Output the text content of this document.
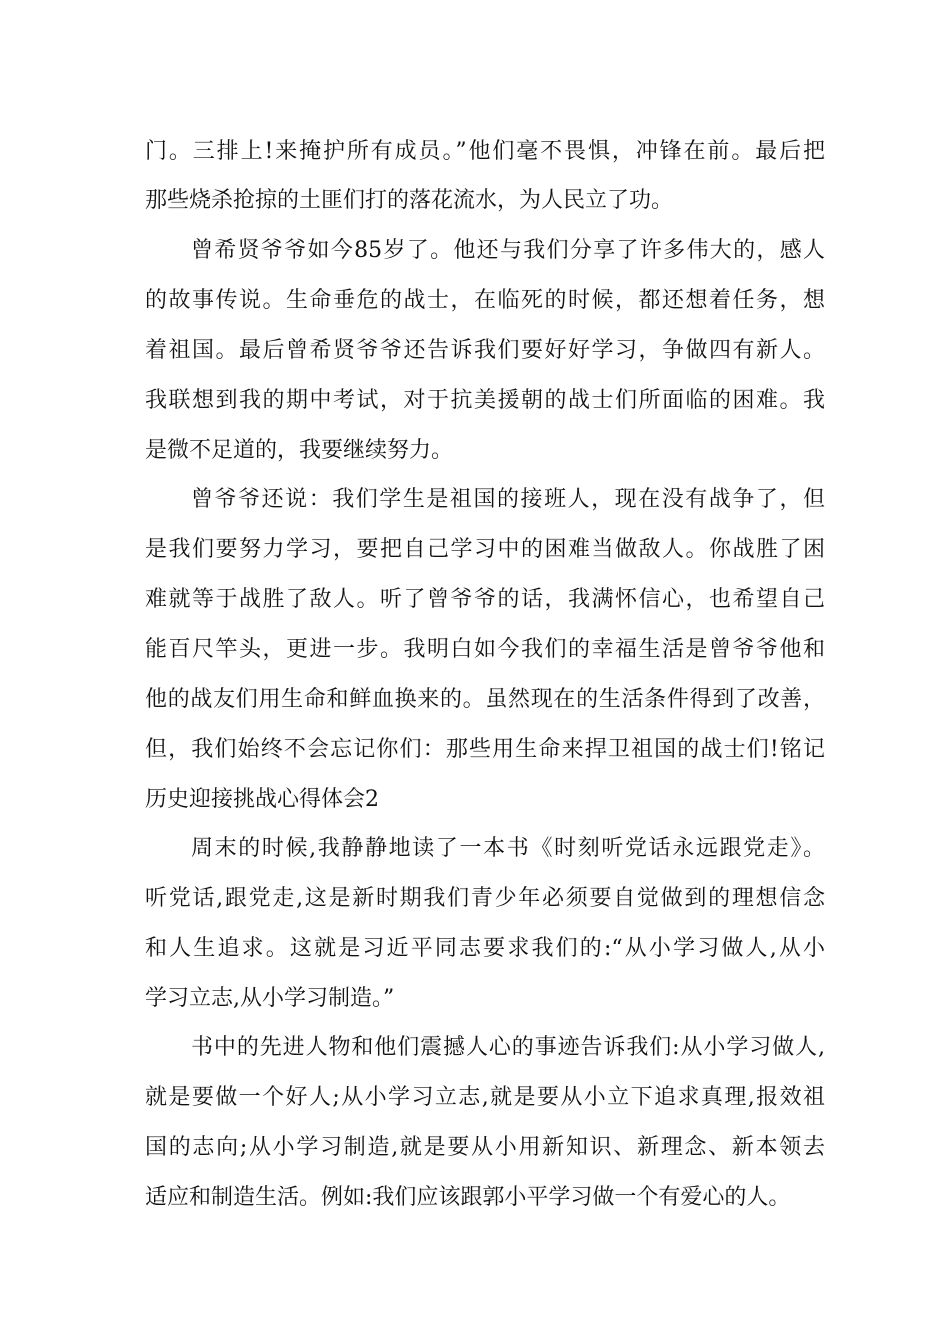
门。三排上!来掩护所有成员。”他们毫不畏惧，冲锋在前。最后把
那些烧杀抢掠的土匪们打的落花流水，为人民立了功。
曾希贤爷爷如今85岁了。他还与我们分享了许多伟大的，感人
的故事传说。生命垂危的战士，在临死的时候，都还想着任务，想
着祖国。最后曾希贤爷爷还告诉我们要好好学习，争做四有新人。
我联想到我的期中考试，对于抗美援朝的战士们所面临的困难。我
是微不足道的，我要继续努力。
曾爷爷还说：我们学生是祖国的接班人，现在没有战争了，但
是我们要努力学习，要把自己学习中的困难当做敌人。你战胜了困
难就等于战胜了敌人。听了曾爷爷的话，我满怀信心，也希望自己
能百尺竿头，更进一步。我明白如今我们的幸福生活是曾爷爷他和
他的战友们用生命和鲜血换来的。虽然现在的生活条件得到了改善，
但，我们始终不会忘记你们：那些用生命来捍卫祖国的战士们!铭记
历史迎接挑战心得体会2
周末的时候,我静静地读了一本书《时刻听党话永远跟党走》。
听党话,跟党走,这是新时期我们青少年必须要自觉做到的理想信念
和人生追求。这就是习近平同志要求我们的:“从小学习做人,从小
学习立志,从小学习制造。”
书中的先进人物和他们震撼人心的事迹告诉我们:从小学习做人,
就是要做一个好人;从小学习立志,就是要从小立下追求真理,报效祖
国的志向;从小学习制造,就是要从小用新知识、新理念、新本领去
适应和制造生活。例如:我们应该跟郭小平学习做一个有爱心的人。
